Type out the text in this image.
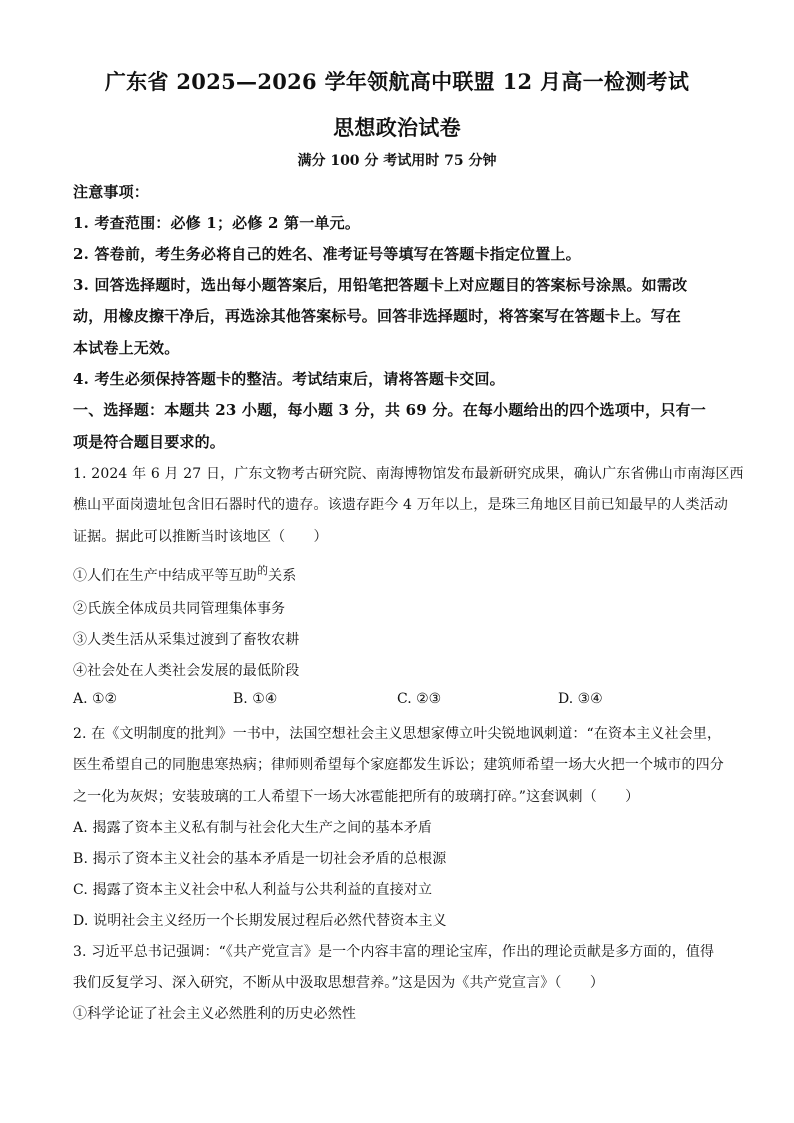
广东省 2025—2026 学年领航高中联盟 12 月高一检测考试
思想政治试卷
满分 100 分 考试用时 75 分钟
注意事项：
1. 考查范围：必修 1；必修 2 第一单元。
2. 答卷前，考生务必将自己的姓名、准考证号等填写在答题卡指定位置上。
3. 回答选择题时，选出每小题答案后，用铅笔把答题卡上对应题目的答案标号涂黑。如需改
动，用橡皮擦干净后，再选涂其他答案标号。回答非选择题时，将答案写在答题卡上。写在
本试卷上无效。
4. 考生必须保持答题卡的整洁。考试结束后，请将答题卡交回。
一、选择题：本题共 23 小题，每小题 3 分，共 69 分。在每小题给出的四个选项中，只有一
项是符合题目要求的。
1. 2024 年 6 月 27 日，广东文物考古研究院、南海博物馆发布最新研究成果，确认广东省佛山市南海区西
樵山平面岗遗址包含旧石器时代的遗存。该遗存距今 4 万年以上，是珠三角地区目前已知最早的人类活动
证据。据此可以推断当时该地区（　　）
①人们在生产中结成平等互助$^的$关系
②氏族全体成员共同管理集体事务
③人类生活从采集过渡到了畜牧农耕
④社会处在人类社会发展的最低阶段
A. ①②	B. ①④	C. ②③	D. ③④
2. 在《文明制度的批判》一书中，法国空想社会主义思想家傅立叶尖锐地讽刺道：“在资本主义社会里，
医生希望自己的同胞患寒热病；律师则希望每个家庭都发生诉讼；建筑师希望一场大火把一个城市的四分
之一化为灰烬；安装玻璃的工人希望下一场大冰雹能把所有的玻璃打碎。”这套讽刺（　　）
A. 揭露了资本主义私有制与社会化大生产之间的基本矛盾
B. 揭示了资本主义社会的基本矛盾是一切社会矛盾的总根源
C. 揭露了资本主义社会中私人利益与公共利益的直接对立
D. 说明社会主义经历一个长期发展过程后必然代替资本主义
3. 习近平总书记强调：“《共产党宣言》是一个内容丰富的理论宝库，作出的理论贡献是多方面的，值得
我们反复学习、深入研究，不断从中汲取思想营养。”这是因为《共产党宣言》（　　）
①科学论证了社会主义必然胜利的历史必然性
